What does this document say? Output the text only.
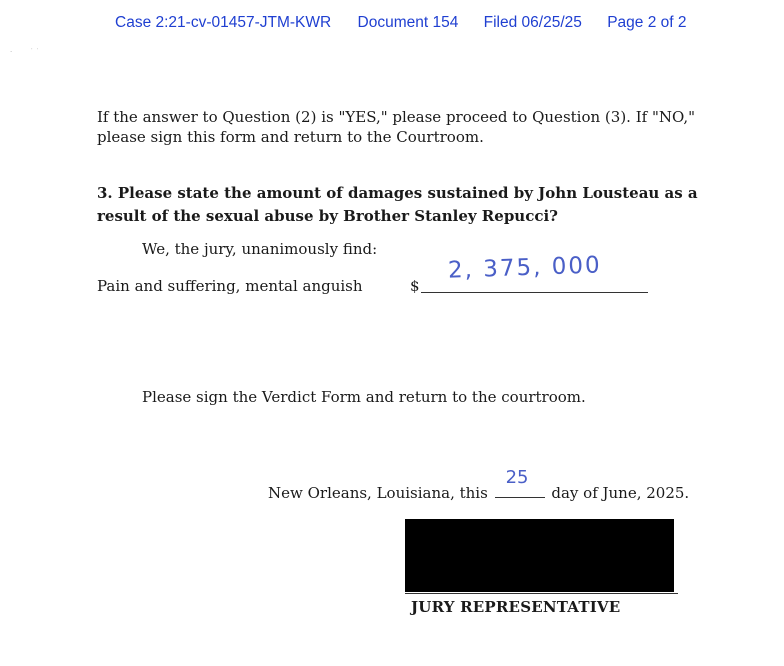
Case 2:21-cv-01457-JTM-KWR Document 154 Filed 06/25/25 Page 2 of 2
·        ˙ ˙
If the answer to Question (2) is "YES," please proceed to Question (3). If "NO," please sign this form and return to the Courtroom.
3. Please state the amount of damages sustained by John Lousteau as a result of the sexual abuse by Brother Stanley Repucci?
We, the jury, unanimously find:
Pain and suffering, mental anguish	$
2, 375, 000
Please sign the Verdict Form and return to the courtroom.
New Orleans, Louisiana, this
25
day of June, 2025.
JURY REPRESENTATIVE
